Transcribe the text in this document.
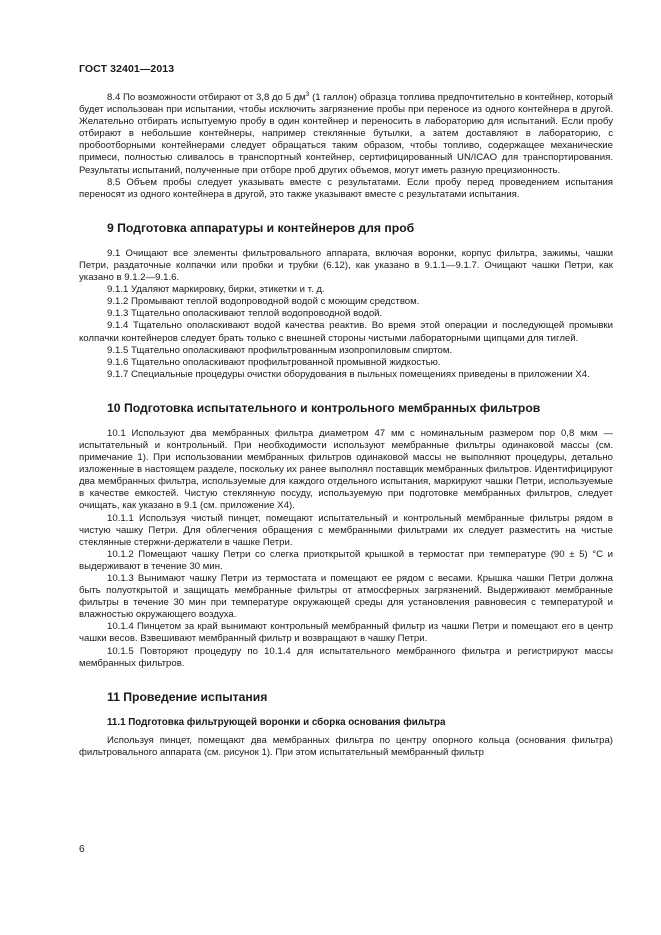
ГОСТ 32401—2013

8.4 По возможности отбирают от 3,8 до 5 $дм^3$ (1 галлон) образца топлива предпочтительно в контейнер, который будет использован при испытании, чтобы исключить загрязнение пробы при переносе из одного контейнера в другой. Желательно отбирать испытуемую пробу в один контейнер и переносить в лабораторию для испытаний. Если пробу отбирают в небольшие контейнеры, например стеклянные бутылки, а затем доставляют в лабораторию, с пробоотборными контейнерами следует обращаться таким образом, чтобы топливо, содержащее механические примеси, полностью сливалось в транспортный контейнер, сертифицированный UN/ICAO для транспортирования. Результаты испытаний, полученные при отборе проб других объемов, могут иметь разную прецизионность.

8.5 Объем пробы следует указывать вместе с результатами. Если пробу перед проведением испытания переносят из одного контейнера в другой, это также указывают вместе с результатами испытания.

9 Подготовка аппаратуры и контейнеров для проб

9.1 Очищают все элементы фильтровального аппарата, включая воронки, корпус фильтра, зажимы, чашки Петри, раздаточные колпачки или пробки и трубки (6.12), как указано в 9.1.1—9.1.7. Очищают чашки Петри, как указано в 9.1.2—9.1.6.

9.1.1 Удаляют маркировку, бирки, этикетки и т. д.

9.1.2 Промывают теплой водопроводной водой с моющим средством.

9.1.3 Тщательно ополаскивают теплой водопроводной водой.

9.1.4 Тщательно ополаскивают водой качества реактив. Во время этой операции и последующей промывки колпачки контейнеров следует брать только с внешней стороны чистыми лабораторными щипцами для тиглей.

9.1.5 Тщательно ополаскивают профильтрованным изопропиловым спиртом.

9.1.6 Тщательно ополаскивают профильтрованной промывной жидкостью.

9.1.7 Специальные процедуры очистки оборудования в пыльных помещениях приведены в приложении Х4.

10 Подготовка испытательного и контрольного мембранных фильтров

10.1 Используют два мембранных фильтра диаметром 47 мм с номинальным размером пор 0,8 мкм — испытательный и контрольный. При необходимости используют мембранные фильтры одинаковой массы (см. примечание 1). При использовании мембранных фильтров одинаковой массы не выполняют процедуры, детально изложенные в настоящем разделе, поскольку их ранее выполнял поставщик мембранных фильтров. Идентифицируют два мембранных фильтра, используемые для каждого отдельного испытания, маркируют чашки Петри, используемые в качестве емкостей. Чистую стеклянную посуду, используемую при подготовке мембранных фильтров, следует очищать, как указано в 9.1 (см. приложение Х4).

10.1.1 Используя чистый пинцет, помещают испытательный и контрольный мембранные фильтры рядом в чистую чашку Петри. Для облегчения обращения с мембранными фильтрами их следует разместить на чистые стеклянные стержни-держатели в чашке Петри.

10.1.2 Помещают чашку Петри со слегка приоткрытой крышкой в термостат при температуре (90 ± 5) °С и выдерживают в течение 30 мин.

10.1.3 Вынимают чашку Петри из термостата и помещают ее рядом с весами. Крышка чашки Петри должна быть полуоткрытой и защищать мембранные фильтры от атмосферных загрязнений. Выдерживают мембранные фильтры в течение 30 мин при температуре окружающей среды для установления равновесия с температурой и влажностью окружающего воздуха.

10.1.4 Пинцетом за край вынимают контрольный мембранный фильтр из чашки Петри и помещают его в центр чашки весов. Взвешивают мембранный фильтр и возвращают в чашку Петри.

10.1.5 Повторяют процедуру по 10.1.4 для испытательного мембранного фильтра и регистрируют массы мембранных фильтров.

11 Проведение испытания
11.1 Подготовка фильтрующей воронки и сборка основания фильтра

Используя пинцет, помещают два мембранных фильтра по центру опорного кольца (основания фильтра) фильтровального аппарата (см. рисунок 1). При этом испытательный мембранный фильтр

6
